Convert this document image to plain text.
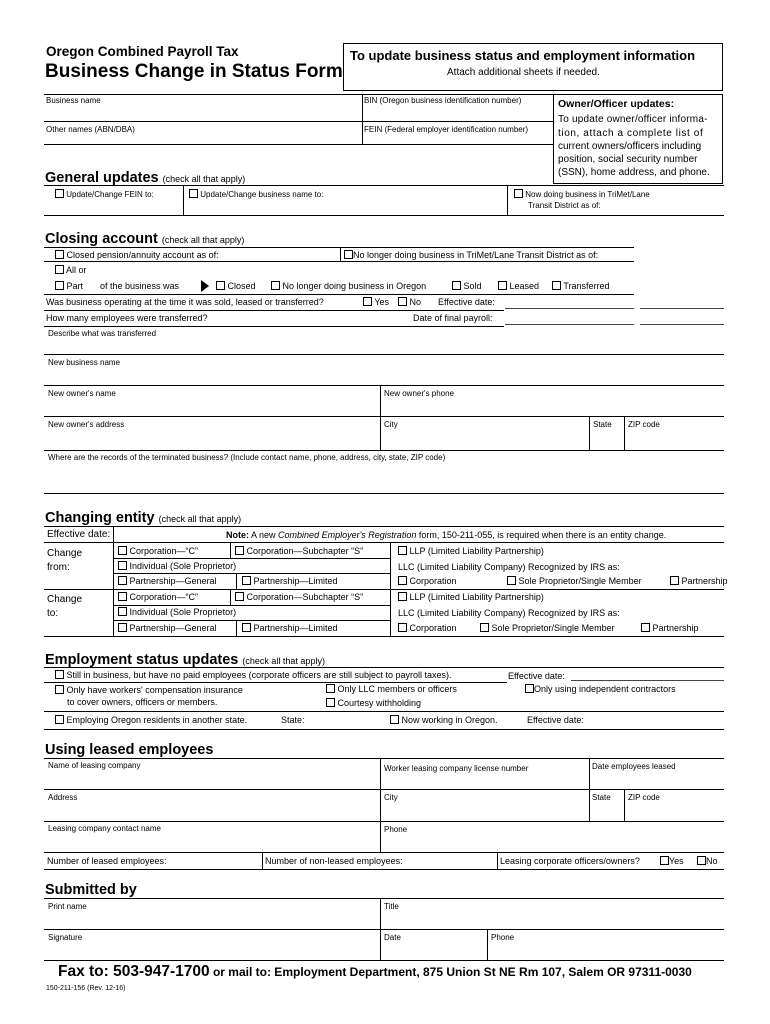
Oregon Combined Payroll Tax
Business Change in Status Form
To update business status and employment information
Attach additional sheets if needed.
Business name	BIN (Oregon business identification number)
Other names (ABN/DBA)	FEIN (Federal employer identification number)
Owner/Officer updates:
To update owner/officer informa-
tion, attach a complete list of
current owners/officers including
position, social security number
(SSN), home address, and phone.
General updates (check all that apply)
Update/Change FEIN to:	Update/Change business name to:	Now doing business in TriMet/Lane
Transit District as of:
Closing account (check all that apply)
Closed pension/annuity account as of:	No longer doing business in TriMet/Lane Transit District as of:
All or
Part of the business was	Closed	No longer doing business in Oregon	Sold	Leased	Transferred
Was business operating at the time it was sold, leased or transferred?	Yes	No Effective date:
How many employees were transferred?	Date of final payroll:
Describe what was transferred
New business name
New owner's name	New owner's phone
New owner's address	City	State ZIP code
Where are the records of the terminated business? (Include contact name, phone, address, city, state, ZIP code)
Changing entity (check all that apply)
Effective date:	Note: A new Combined Employer's Registration form, 150-211-055, is required when there is an entity change.
Change
from:
Corporation—“C”	Corporation—Subchapter “S”	LLP (Limited Liability Partnership)
Individual (Sole Proprietor)	LLC (Limited Liability Company) Recognized by IRS as:
Partnership—General	Partnership—Limited	Corporation	Sole Proprietor/Single Member	Partnership
Change
to:
Corporation—“C”	Corporation—Subchapter “S”	LLP (Limited Liability Partnership)
Individual (Sole Proprietor)	LLC (Limited Liability Company) Recognized by IRS as:
Partnership—General	Partnership—Limited	Corporation	Sole Proprietor/Single Member	Partnership
Employment status updates (check all that apply)
Still in business, but have no paid employees (corporate officers are still subject to payroll taxes).	Effective date:
Only have workers' compensation insurance
to cover owners, officers or members.
Only LLC members or officers
Courtesy withholding
Only using independent contractors
Employing Oregon residents in another state.	State:	Now working in Oregon.	Effective date:
Using leased employees
Name of leasing company	Worker leasing company license number	Date employees leased
Address	City	State ZIP code
Leasing company contact name	Phone
Number of leased employees:	Number of non-leased employees:	Leasing corporate officers/owners?	Yes	No
Submitted by
Print name	Title
Signature	Date	Phone
Fax to: 503-947-1700 or mail to: Employment Department, 875 Union St NE Rm 107, Salem OR 97311-0030
150-211-156 (Rev. 12-16)
